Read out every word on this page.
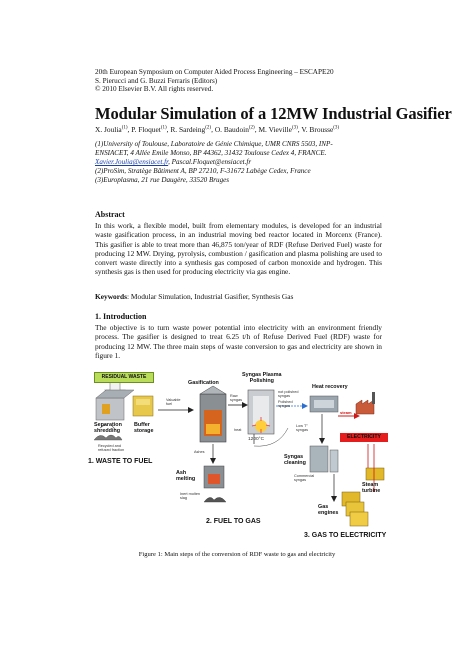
20th European Symposium on Computer Aided Process Engineering – ESCAPE20
S. Pierucci and G. Buzzi Ferraris (Editors)
© 2010 Elsevier B.V. All rights reserved.
Modular Simulation of a 12MW Industrial Gasifier
X. Joulia$^{(1)}$, P. Floquet$^{(1)}$, R. Sardeing$^{(2)}$, O. Baudoin$^{(2)}$, M. Vieville$^{(3)}$, V. Brousse$^{(3)}$
(1)University of Toulouse, Laboratoire de Génie Chimique, UMR CNRS 5503, INP-
ENSIACET, 4 Allée Emile Monso, BP 44362, 31432 Toulouse Cedex 4, FRANCE.
Xavier.Joulia@ensiacet.fr, Pascal.Floquet@ensiacet.fr
(2)ProSim, Stratège Bâtiment A, BP 27210, F-31672 Labège Cedex, France
(3)Europlasma, 21 rue Daugère, 33520 Bruges
Abstract
In this work, a flexible model, built from elementary modules, is developed for an industrial waste gasification process, in an industrial moving bed reactor located in Morcenx (France). This gasifier is able to treat more than 46,875 ton/year of RDF (Refuse Derived Fuel) waste for producing 12 MW. Drying, pyrolysis, combustion / gasification and plasma polishing are used to convert waste directly into a synthesis gas composed of carbon monoxide and hydrogen. This synthesis gas is then used for producing electricity via gas engine.
Keywords: Modular Simulation, Industrial Gasifier, Synthesis Gas
1. Introduction
The objective is to turn waste power potential into electricity with an environment friendly process. The gasifier is designed to treat 6.25 t/h of Refuse Derived Fuel (RDF) waste for producing 12 MW. The three main steps of waste conversion to gas and electricity are shown in figure 1.
RESIDUAL WASTE
Separation
shredding
Buffer
storage
Recycled and
refused fraction
1. WASTE TO FUEL
Valuable
fuel
Gasification
Syngas Plasma
Polishing
Raw
syngas
not polished
syngas
Polished
syngas
heat
1200°C
Ashes
Ash
melting
Inert molten
slag
2. FUEL TO GAS
Heat recovery
steam
Low T°
syngas
Syngas
cleaning
Commercial
syngas
Gas
engines
Steam
turbine
ELECTRICITY
3. GAS TO ELECTRICITY
Figure 1: Main steps of the conversion of RDF waste to gas and electricity
